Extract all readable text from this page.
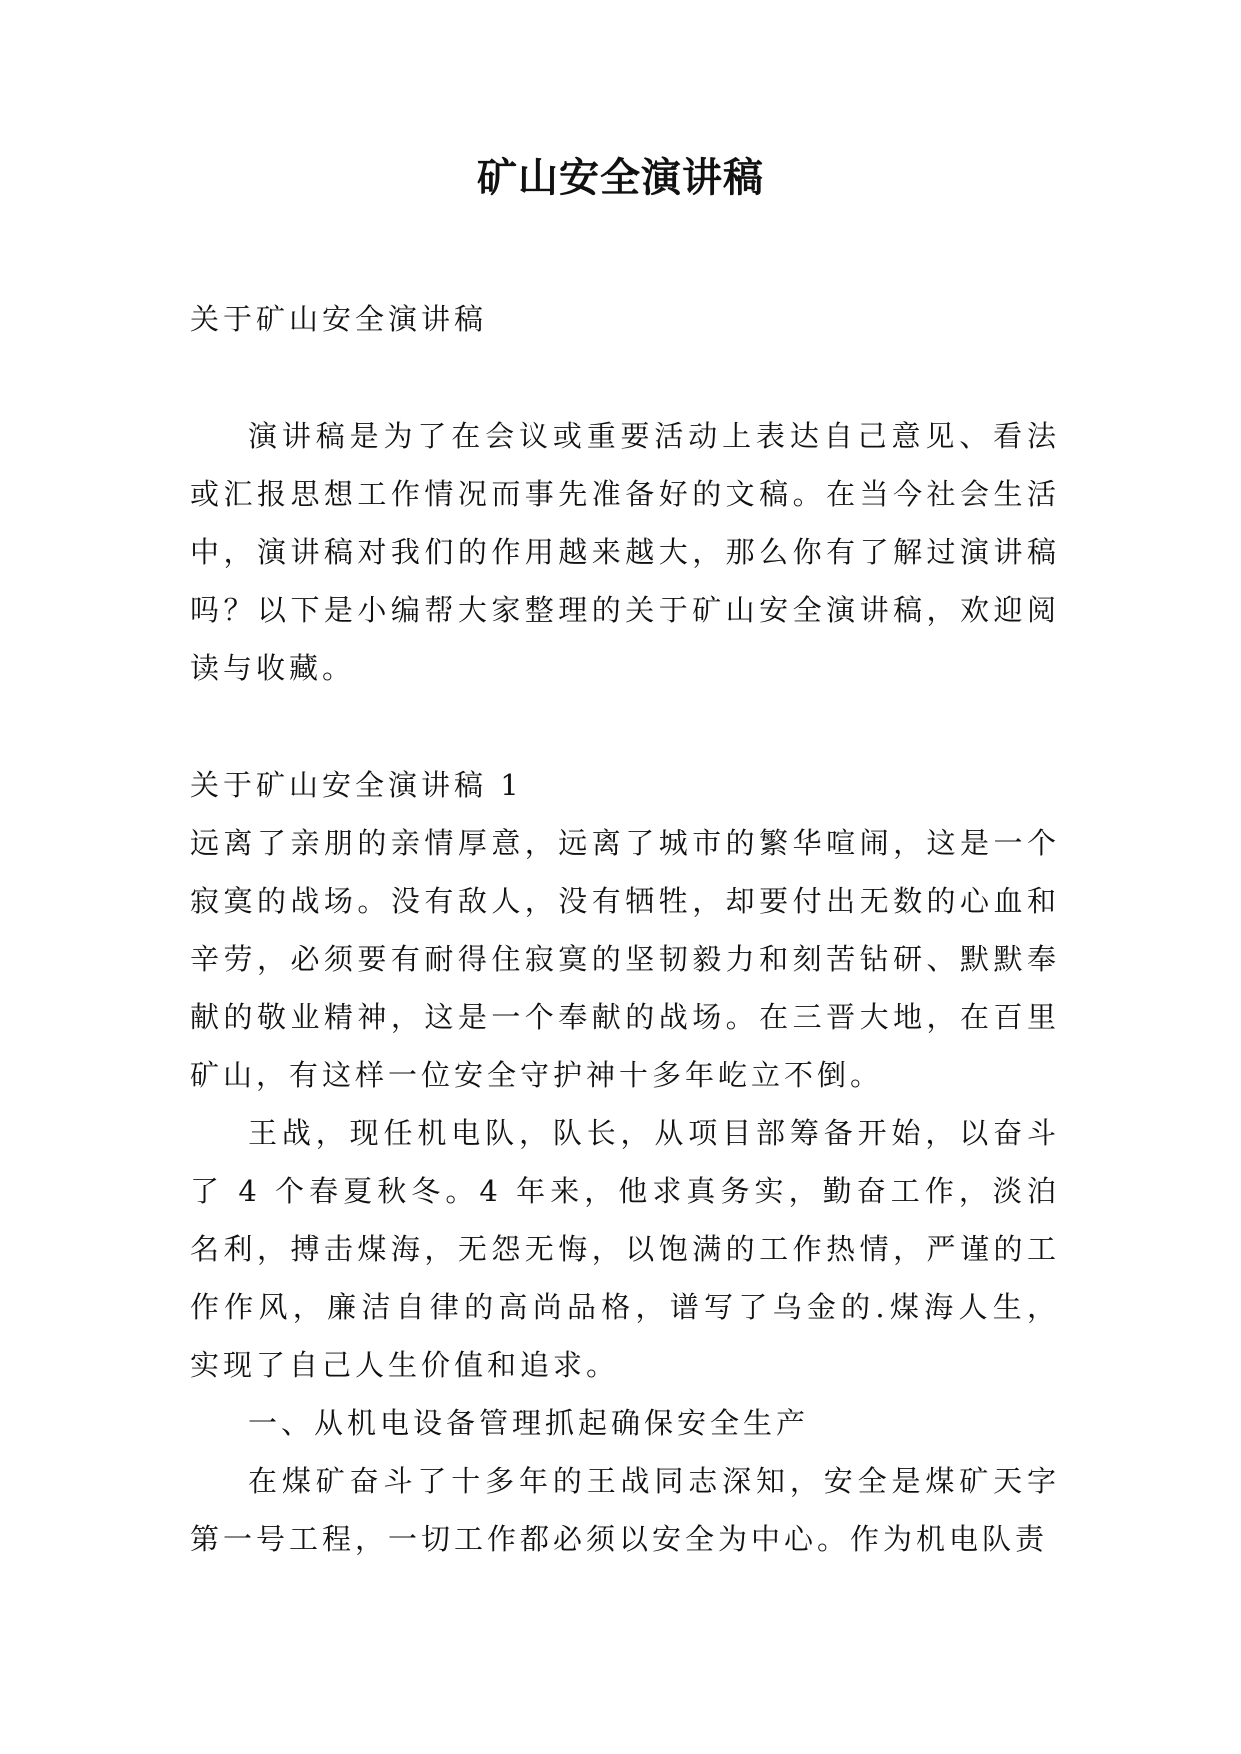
矿山安全演讲稿

关于矿山安全演讲稿

演讲稿是为了在会议或重要活动上表达自己意见、看法或汇报思想工作情况而事先准备好的文稿。在当今社会生活中，演讲稿对我们的作用越来越大，那么你有了解过演讲稿吗？以下是小编帮大家整理的关于矿山安全演讲稿，欢迎阅读与收藏。

关于矿山安全演讲稿 1

远离了亲朋的亲情厚意，远离了城市的繁华喧闹，这是一个寂寞的战场。没有敌人，没有牺牲，却要付出无数的心血和辛劳，必须要有耐得住寂寞的坚韧毅力和刻苦钻研、默默奉献的敬业精神，这是一个奉献的战场。在三晋大地，在百里矿山，有这样一位安全守护神十多年屹立不倒。

王战，现任机电队，队长，从项目部筹备开始，以奋斗了 4 个春夏秋冬。4 年来，他求真务实，勤奋工作，淡泊名利，搏击煤海，无怨无悔，以饱满的工作热情，严谨的工作作风，廉洁自律的高尚品格，谱写了乌金的.煤海人生，实现了自己人生价值和追求。

一、从机电设备管理抓起确保安全生产

在煤矿奋斗了十多年的王战同志深知，安全是煤矿天字第一号工程，一切工作都必须以安全为中心。作为机电队责
